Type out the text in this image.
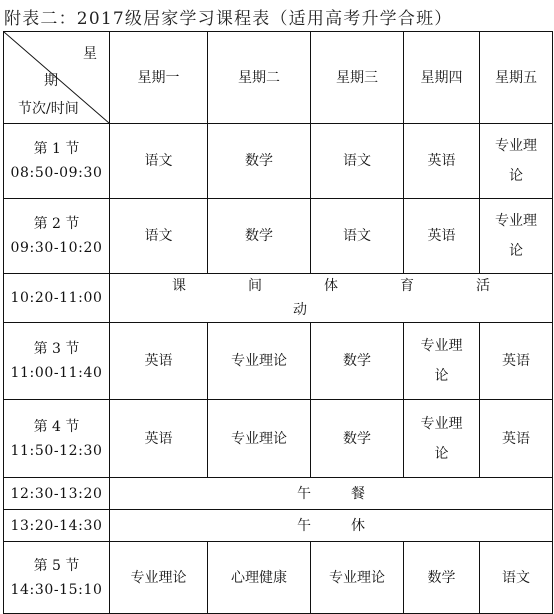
附表二：2017级居家学习课程表（适用高考升学合班）
星
期
节次/时间	星期一	星期二	星期三	星期四	星期五

第 1 节
08:50-09:30	语文	数学	语文	英语	专业理论

第 2 节
09:30-10:20	语文	数学	语文	英语	专业理论
10:20-11:00	课间体育活动				

第 3 节
11:00-11:40	英语	专业理论	数学	专业理论	英语

第 4 节
11:50-12:30	英语	专业理论	数学	专业理论	英语
12:30-13:20	午餐				
13:20-14:30	午休				

第 5 节
14:30-15:10	专业理论	心理健康	专业理论	数学	语文
